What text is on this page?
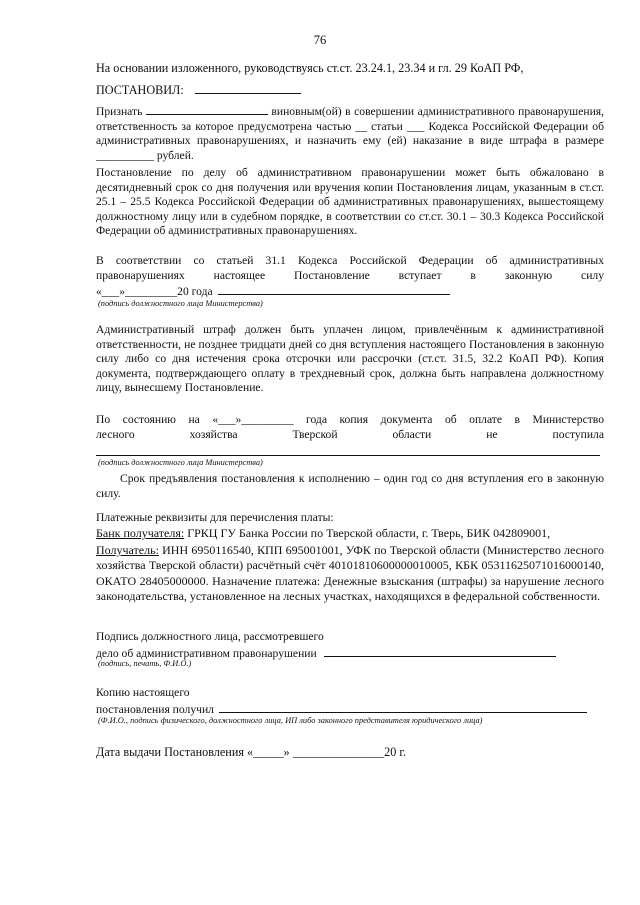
76

На основании изложенного, руководствуясь ст.ст. 23.24.1, 23.34 и гл. 29 КоАП РФ,

ПОСТАНОВИЛ:
Признать	виновным(ой) в совершении административного правонарушения, ответственность за которое предусмотрена частью __ статьи ___ Кодекса Российской Федерации об административных правонарушениях, и назначить ему (ей) наказание в виде штрафа в размере __________ рублей.

Постановление по делу об административном правонарушении может быть обжаловано в десятидневный срок со дня получения или вручения копии Постановления лицам, указанным в ст.ст. 25.1 – 25.5 Кодекса Российской Федерации об административных правонарушениях, вышестоящему должностному лицу или в судебном порядке, в соответствии со ст.ст. 30.1 – 30.3 Кодекса Российской Федерации об административных правонарушениях.

В соответствии со статьей 31.1 Кодекса Российской Федерации об административных

правонарушениях настоящее Постановление вступает в законную силу

«___»_________20 года

(подпись должностного лица Министерства)

Административный штраф должен быть уплачен лицом, привлечённым к административной ответственности, не позднее тридцати дней со дня вступления настоящего Постановления в законную силу либо со дня истечения срока отсрочки или рассрочки (ст.ст. 31.5, 32.2 КоАП РФ). Копия документа, подтверждающего оплату в трехдневный срок, должна быть направлена должностному лицу, вынесшему Постановление.

По состоянию на «___»_________ года копия документа об оплате в Министерство

лесного хозяйства Тверской области не поступила

(подпись должностного лица Министерства)

Срок предъявления постановления к исполнению – один год со дня вступления его в законную силу.

Платежные реквизиты для перечисления платы:

Банк получателя: ГРКЦ ГУ Банка России по Тверской области, г. Тверь, БИК 042809001,

Получатель: ИНН 6950116540, КПП 695001001, УФК по Тверской области (Министерство лесного хозяйства Тверской области) расчётный счёт 40101810600000010005, КБК 05311625071016000140, ОКАТО 28405000000. Назначение платежа: Денежные взыскания (штрафы) за нарушение лесного законодательства, установленное на лесных участках, находящихся в федеральной собственности.

Подпись должностного лица, рассмотревшего

дело об административном правонарушении

(подпись, печать, Ф.И.О.)

Копию настоящего

постановления получил

(Ф.И.О., подпись физического, должностного лица, ИП либо законного представителя юридического лица)

Дата выдачи Постановления «_____» _______________20 г.
